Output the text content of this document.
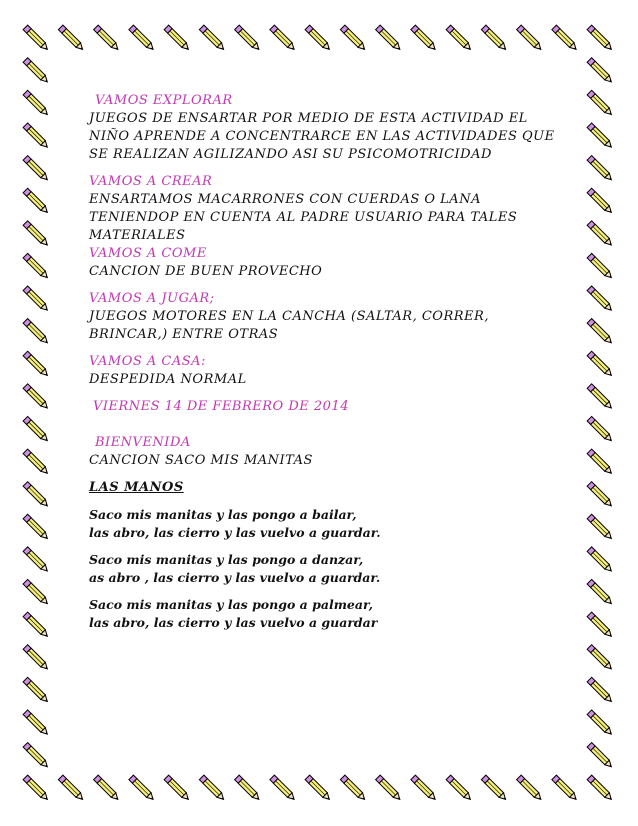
VAMOS EXPLORAR
JUEGOS DE ENSARTAR POR MEDIO DE ESTA ACTIVIDAD EL
NIÑO APRENDE A CONCENTRARCE EN LAS ACTIVIDADES QUE
SE REALIZAN AGILIZANDO ASI SU PSICOMOTRICIDAD
VAMOS A CREAR
ENSARTAMOS MACARRONES CON CUERDAS O LANA
TENIENDOP EN CUENTA AL PADRE USUARIO PARA TALES
MATERIALES
VAMOS A COME
CANCION DE BUEN PROVECHO
VAMOS A JUGAR;
JUEGOS MOTORES EN LA CANCHA (SALTAR, CORRER,
BRINCAR,) ENTRE OTRAS
VAMOS A CASA:
DESPEDIDA NORMAL
VIERNES 14 DE FEBRERO DE 2014
BIENVENIDA
CANCION SACO MIS MANITAS
LAS MANOS
Saco mis manitas y las pongo a bailar,
las abro, las cierro y las vuelvo a guardar.
Saco mis manitas y las pongo a danzar,
as abro , las cierro y las vuelvo a guardar.
Saco mis manitas y las pongo a palmear,
las abro, las cierro y las vuelvo a guardar
